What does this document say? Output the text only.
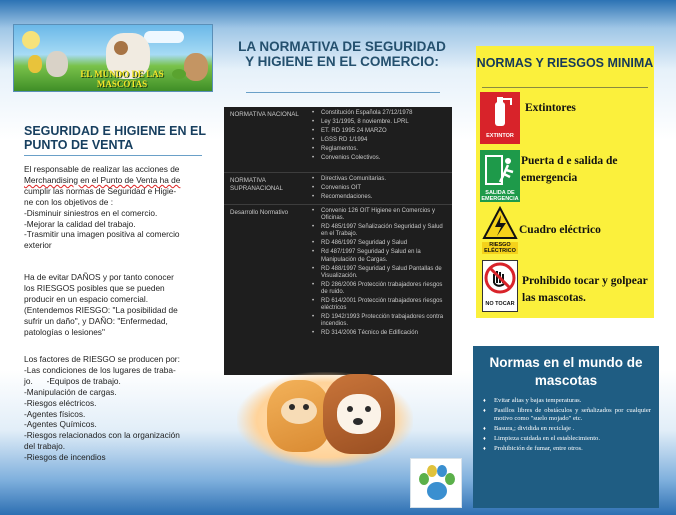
EL MUNDO DE LAS MASCOTAS
SEGURIDAD E HIGIENE EN EL PUNTO DE VENTA
El responsable de realizar las acciones de
Merchandising en el Punto de Venta ha de
cumplir las normas de Seguridad e Higie-
ne con los objetivos de :
-Disminuir siniestros en el comercio.
-Mejorar la calidad del trabajo.
-Trasmitir una imagen positiva al comercio
exterior
Ha de evitar DAÑOS y por tanto conocer
los RIESGOS posibles que se pueden
producir en un espacio comercial.
(Entendemos RIESGO: "La posibilidad de
sufrir un daño", y DAÑO: "Enfermedad,
patologías o lesiones"
Los factores de RIESGO se producen por:
-Las condiciones de los lugares de traba-
jo.      -Equipos de trabajo.
-Manipulación de cargas.
-Riesgos eléctricos.
-Agentes físicos.
-Agentes Químicos.
-Riesgos relacionados con la organización
del trabajo.
-Riesgos de incendios
LA NORMATIVA DE SEGURIDAD Y HIGIENE EN EL COMERCIO:
NORMATIVA NACIONAL	• Constitución Española 27/12/1978
• Ley 31/1995, 8 noviembre. LPRL
• ET. RD 1995 24 MARZO
• LGSS RD 1/1994
• Reglamentos.
• Convenios Colectivos.
NORMATIVA SUPRANACIONAL
• Directivas Comunitarias.
• Convenios OIT
• Recomendaciones.
Desarrollo Normativo	• Convenio 126 OIT Higiene en Comercios y Oficinas.
• RD 485/1997 Señalización Seguridad y Salud en el Trabajo.
• RD 486/1997 Seguridad y Salud
• Rd 487/1997 Seguridad y Salud en la Manipulación de Cargas.
• RD 488/1997 Seguridad y Salud Pantallas de Visualización.
• RD 286/2006 Protección trabajadores riesgos de ruido.
• RD 614/2001 Protección trabajadores riesgos eléctricos
• RD 1942/1993 Protección trabajadores contra incendios.
• RD 314/2006 Técnico de Edificación
NORMAS Y RIESGOS MINIMA
EXTINTOR
Extintores
SALIDA DE EMERGENCIA
Puerta d e salida de emergencia
RIESGO ELÉCTRICO
Cuadro eléctrico
NO TOCAR
Prohibido tocar y golpear las mascotas.
Normas en el mundo de mascotas
♦ Evitar altas y bajas temperaturas.
♦ Pasillos libres de obstáculos y señalizados por cualquier motivo como "suelo mojado" etc.
♦ Basura,; dividida en reciclaje .
♦ Limpieza cuidada en el establecimiento.
♦ Prohibición de fumar, entre otros.
